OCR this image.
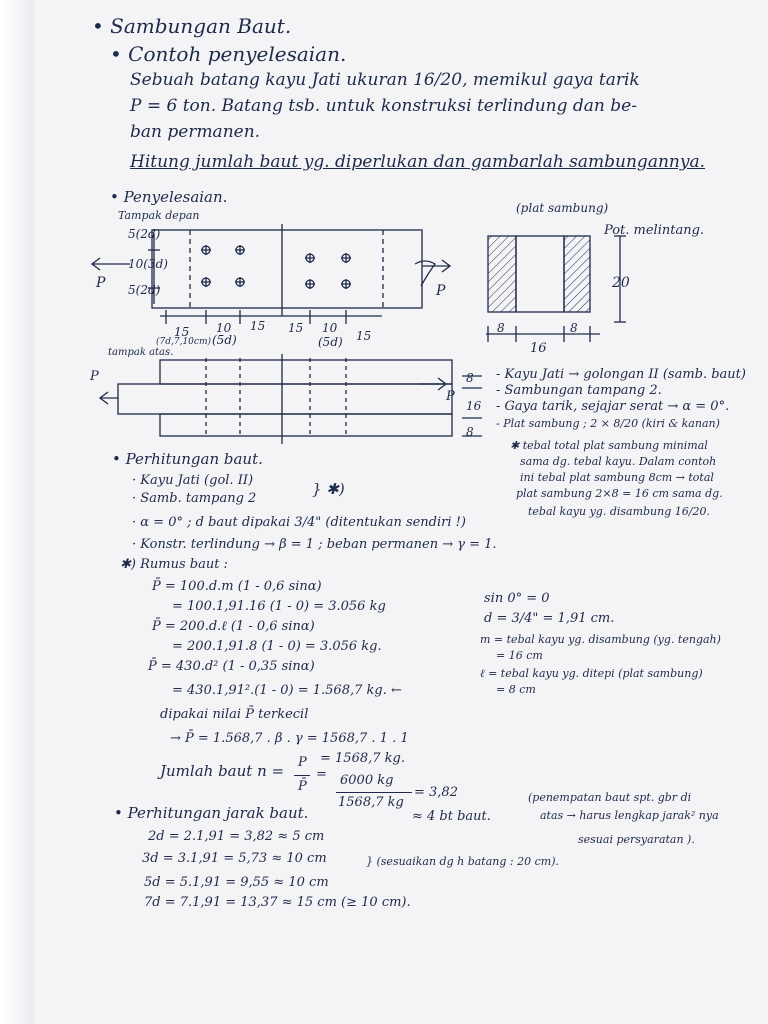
• Sambungan Baut.
• Contoh penyelesaian.
Sebuah batang kayu Jati ukuran 16/20, memikul gaya tarik
P = 6 ton. Batang tsb. untuk konstruksi terlindung dan be-
ban permanen.
Hitung jumlah baut yg. diperlukan dan gambarlah sambungannya.
• Penyelesaian.
Tampak depan
5(2d)
10(3d)
5(2d)
P	P
15
(7d,7,10cm)
10
(5d)
15 15 10
(5d) 15
(plat sambung)
Pot. melintang.
20
8
16
8
tampak atas.
P
P
8
16
8
- Kayu Jati → golongan II (samb. baut)
- Sambungan tampang 2.
- Gaya tarik, sejajar serat → α = 0°.
- Plat sambung ; 2 × 8/20 (kiri & kanan)
✱ tebal total plat sambung minimal
sama dg. tebal kayu. Dalam contoh
ini tebal plat sambung 8cm → total
plat sambung 2×8 = 16 cm sama dg.
tebal kayu yg. disambung 16/20.
• Perhitungan baut.
· Kayu Jati (gol. II)
· Samb. tampang 2
} ✱)
· α = 0° ; d baut dipakai 3/4" (ditentukan sendiri !)
· Konstr. terlindung → β = 1 ; beban permanen → γ = 1.
✱) Rumus baut :
P̄ = 100.d.m (1 - 0,6 sinα)
= 100.1,91.16 (1 - 0) = 3.056 kg
P̄ = 200.d.ℓ (1 - 0,6 sinα)
= 200.1,91.8 (1 - 0) = 3.056 kg.
P̄ = 430.d² (1 - 0,35 sinα)
= 430.1,91².(1 - 0) = 1.568,7 kg. ←
dipakai nilai P̄ terkecil
→ P̄ = 1.568,7 . β . γ = 1568,7 . 1 . 1
= 1568,7 kg.
sin 0° = 0
d = 3/4" = 1,91 cm.
m = tebal kayu yg. disambung (yg. tengah)
= 16 cm
ℓ = tebal kayu yg. ditepi (plat sambung)
= 8 cm
Jumlah baut n = P
P̄
= 6000 kg
1568,7 kg
= 3,82
≈ 4 bt baut.
(penempatan baut spt. gbr di
atas → harus lengkap jarak² nya
sesuai persyaratan ).
• Perhitungan jarak baut.
2d = 2.1,91 = 3,82 ≈ 5 cm
3d = 3.1,91 = 5,73 ≈ 10 cm
5d = 5.1,91 = 9,55 ≈ 10 cm
7d = 7.1,91 = 13,37 ≈ 15 cm (≥ 10 cm).
} (sesuaikan dg h batang : 20 cm).
